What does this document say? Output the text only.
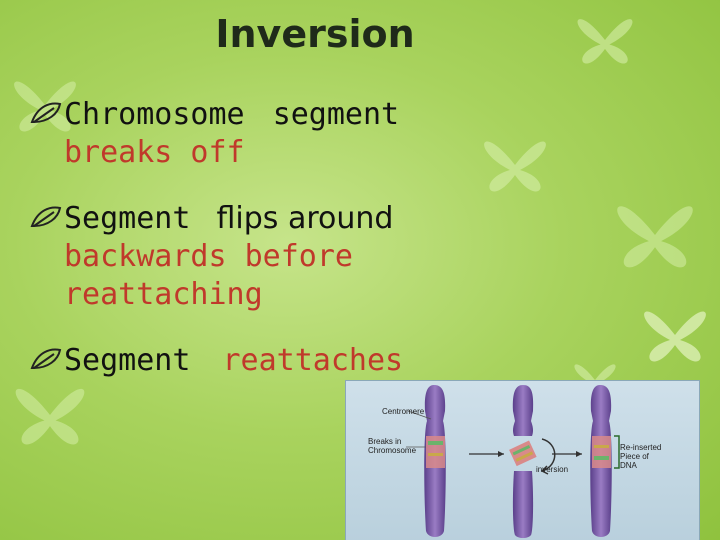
Inversion
Chromosome segment
breaks off
Segment flips around
backwards before
reattaching
Segment reattaches
Centromere
Breaks in
Chromosome
inversion
Re-inserted
Piece of
DNA
